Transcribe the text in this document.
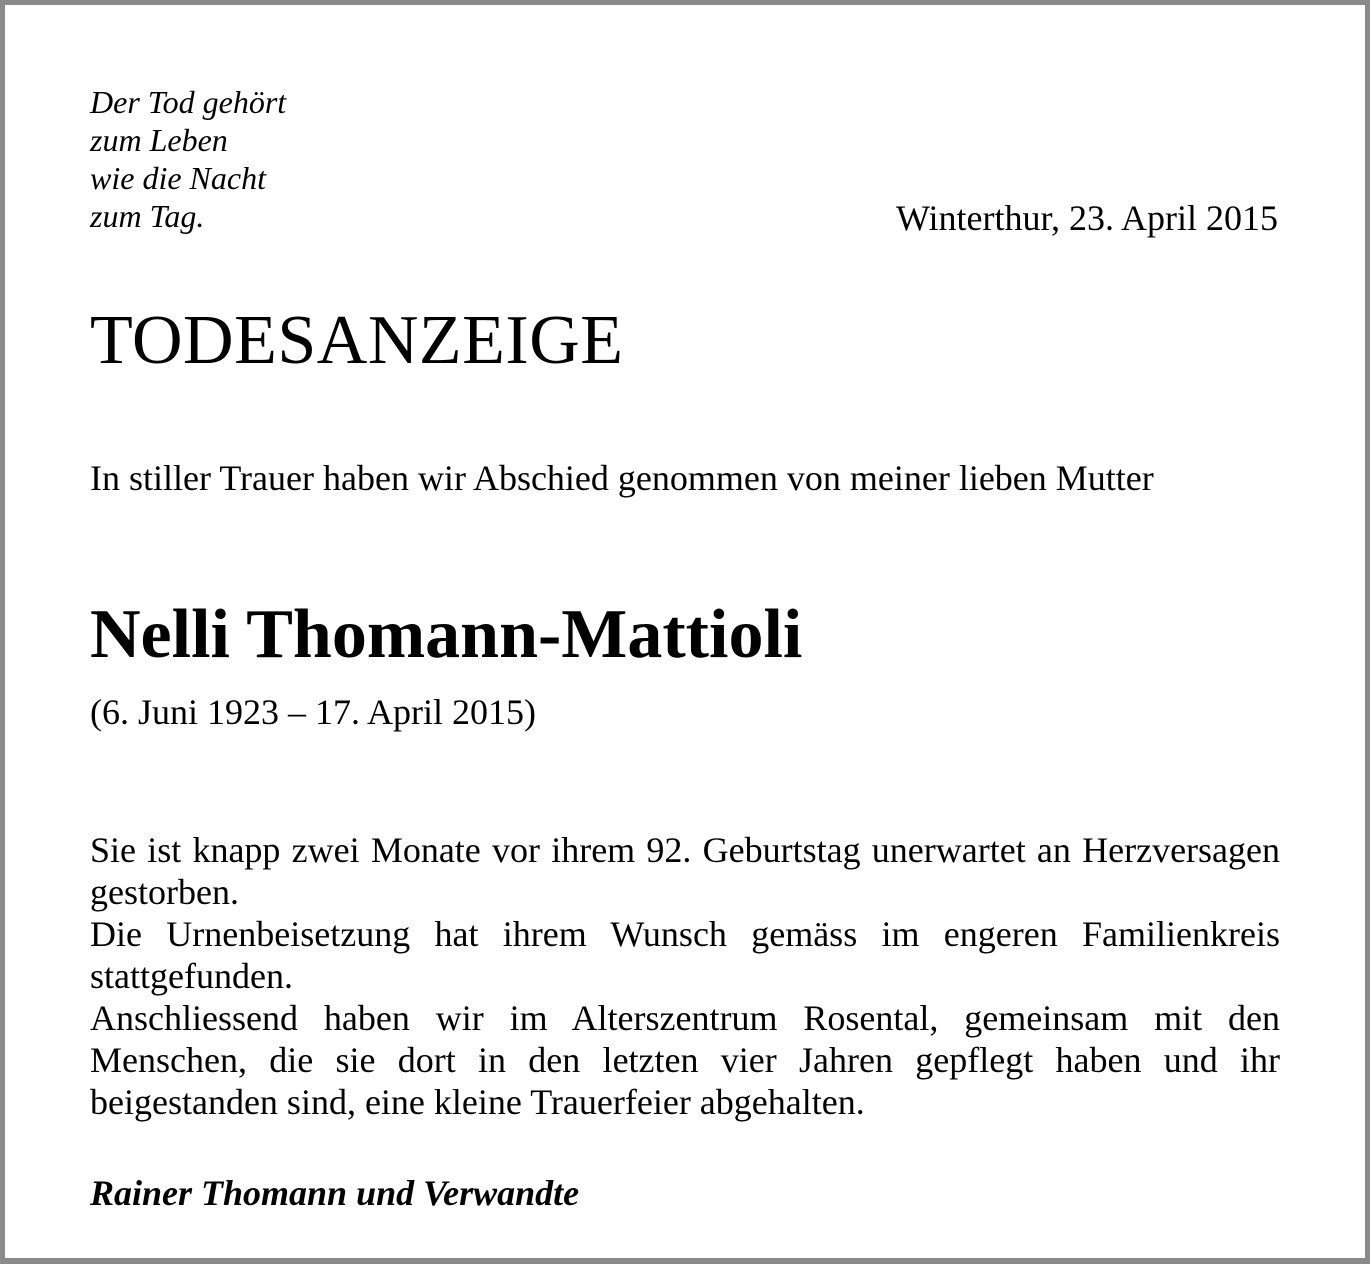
Der Tod gehört
zum Leben
wie die Nacht
zum Tag.	Winterthur, 23. April 2015
TODESANZEIGE
In stiller Trauer haben wir Abschied genommen von meiner lieben Mutter
Nelli Thomann-Mattioli
(6. Juni 1923 – 17. April 2015)

Sie ist knapp zwei Monate vor ihrem 92. Geburtstag unerwartet an Herzversagen gestorben.

Die Urnenbeisetzung hat ihrem Wunsch gemäss im engeren Familienkreis stattgefunden.

Anschliessend haben wir im Alterszentrum Rosental, gemeinsam mit den Menschen, die sie dort in den letzten vier Jahren gepflegt haben und ihr beigestanden sind, eine kleine Trauerfeier abgehalten.

Rainer Thomann und Verwandte
